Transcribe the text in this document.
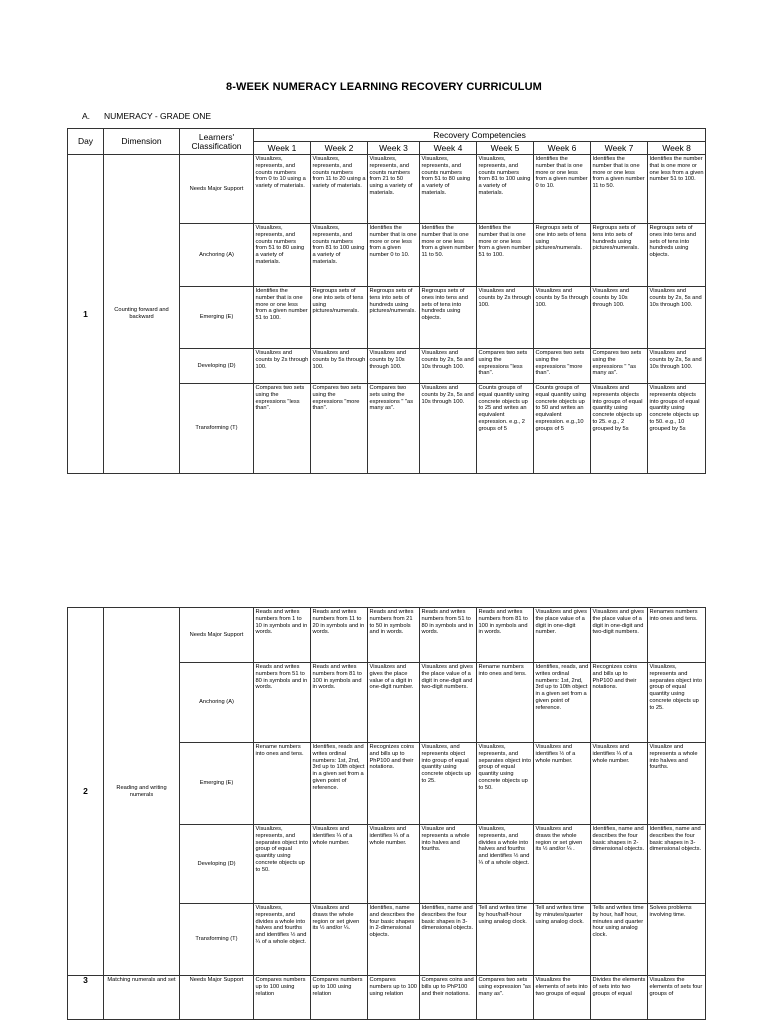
8-WEEK NUMERACY LEARNING RECOVERY CURRICULUM
A. NUMERACY - GRADE ONE
Day	Dimension	Learners' Classification	Recovery Competencies							
			Week 1	Week 2	Week 3	Week 4	Week 5	Week 6	Week 7	Week 8
1	Counting forward and backward	Needs Major Support	Visualizes, represents, and counts numbers from 0 to 10 using a variety of materials.	Visualizes, represents, and counts numbers from 11 to 20 using a variety of materials.	Visualizes, represents, and counts numbers from 21 to 50 using a variety of materials.	Visualizes, represents, and counts numbers from 51 to 80 using a variety of materials.	Visualizes, represents, and counts numbers from 81 to 100 using a variety of materials.	Identifies the number that is one more or one less from a given number 0 to 10.	Identifies the number that is one more or one less from a given number 11 to 50.	Identifies the number that is one more or one less from a given number 51 to 100.
		Anchoring (A)	Visualizes, represents, and counts numbers from 51 to 80 using a variety of materials.	Visualizes, represents, and counts numbers from 81 to 100 using a variety of materials.	Identifies the number that is one more or one less from a given number 0 to 10.	Identifies the number that is one more or one less from a given number 11 to 50.	Identifies the number that is one more or one less from a given number 51 to 100.	Regroups sets of one into sets of tens using pictures/numerals.	Regroups sets of tens into sets of hundreds using pictures/numerals.	Regroups sets of ones into tens and sets of tens into hundreds using objects.
		Emerging (E)	Identifies the number that is one more or one less from a given number 51 to 100.	Regroups sets of one into sets of tens using pictures/numerals.	Regroups sets of tens into sets of hundreds using pictures/numerals.	Regroups sets of ones into tens and sets of tens into hundreds using objects.	Visualizes and counts by 2s through 100.	Visualizes and counts by 5s through 100.	Visualizes and counts by 10s through 100.	Visualizes and counts by 2s, 5s and 10s through 100.
		Developing (D)	Visualizes and counts by 2s through 100.	Visualizes and counts by 5s through 100.	Visualizes and counts by 10s through 100.	Visualizes and counts by 2s, 5s and 10s through 100.	Compares two sets using the expressions "less than".	Compares two sets using the expressions "more than".	Compares two sets using the expressions " "as many as".	Visualizes and counts by 2s, 5s and 10s through 100.
		Transforming (T)	Compares two sets using the expressions "less than".	Compares two sets using the expressions "more than".	Compares two sets using the expressions " "as many as".	Visualizes and counts by 2s, 5s and 10s through 100.	Counts groups of equal quantity using concrete objects up to 25 and writes an equivalent expression. e.g., 2 groups of 5	Counts groups of equal quantity using concrete objects up to 50 and writes an equivalent expression. e.g.,10 groups of 5	Visualizes and represents objects into groups of equal quantity using concrete objects up to 25. e.g., 2 grouped by 5s	Visualizes and represents objects into groups of equal quantity using concrete objects up to 50. e.g., 10 grouped by 5s
2	Reading and writing numerals	Needs Major Support	Reads and writes numbers from 1 to 10 in symbols and in words.	Reads and writes numbers from 11 to 20 in symbols and in words.	Reads and writes numbers from 21 to 50 in symbols and in words.	Reads and writes numbers from 51 to 80 in symbols and in words.	Reads and writes numbers from 81 to 100 in symbols and in words.	Visualizes and gives the place value of a digit in one-digit number.	Visualizes and gives the place value of a digit in one-digit and two-digit numbers.	Renames numbers into ones and tens.
		Anchoring (A)	Reads and writes numbers from 51 to 80 in symbols and in words.	Reads and writes numbers from 81 to 100 in symbols and in words.	Visualizes and gives the place value of a digit in one-digit number.	Visualizes and gives the place value of a digit in one-digit and two-digit numbers.	Rename numbers into ones and tens.	Identifies, reads, and writes ordinal numbers: 1st, 2nd, 3rd up to 10th object in a given set from a given point of reference.	Recognizes coins and bills up to PhP100 and their notations.	Visualizes, represents and separates object into group of equal quantity using concrete objects up to 25.
		Emerging (E)	Rename numbers into ones and tens.	Identifies, reads and writes ordinal numbers: 1st, 2nd, 3rd up to 10th object in a given set from a given point of reference.	Recognizes coins and bills up to PhP100 and their notations.	Visualizes, and represents object into group of equal quantity using concrete objects up to 25.	Visualizes, represents, and separates object into group of equal quantity using concrete objects up to 50.	Visualizes and identifies ½ of a whole number.	Visualizes and identifies ¼ of a whole number.	Visualize and represents a whole into halves and fourths.
		Developing (D)	Visualizes, represents, and separates object into group of equal quantity using concrete objects up to 50.	Visualizes and identifies ¼ of a whole number.	Visualizes and identifies ¼ of a whole number.	Visualize and represents a whole into halves and fourths.	Visualizes, represents, and divides a whole into halves and fourths and identifies ½ and ¼ of a whole object.	Visualizes and draws the whole region or set given its ½ and/or ¼ .	Identifies, name and describes the four basic shapes in 2-dimensional objects.	Identifies, name and describes the four basic shapes in 3-dimensional objects.
		Transforming (T)	Visualizes, represents, and divides a whole into halves and fourths and identifies ½ and ¼ of a whole object.	Visualizes and draws the whole region or set given its ½ and/or ¼.	Identifies, name and describes the four basic shapes in 2-dimensional objects.	Identifies, name and describes the four basic shapes in 3-dimensional objects.	Tell and writes time by hour/half-hour using analog clock.	Tell and writes time by minutes/quarter using analog clock.	Tells and writes time by hour, half hour, minutes and quarter hour using analog clock.	Solves problems involving time.
3	Matching numerals and set	Needs Major Support	Compares numbers up to 100 using relation	Compares numbers up to 100 using relation	Compares numbers up to 100 using relation	Compares coins and bills up to PhP100 and their notations.	Compares two sets using expression "as many as".	Visualizes the elements of sets into two groups of equal	Divides the elements of sets into two groups of equal	Visualizes the elements of sets four groups of
